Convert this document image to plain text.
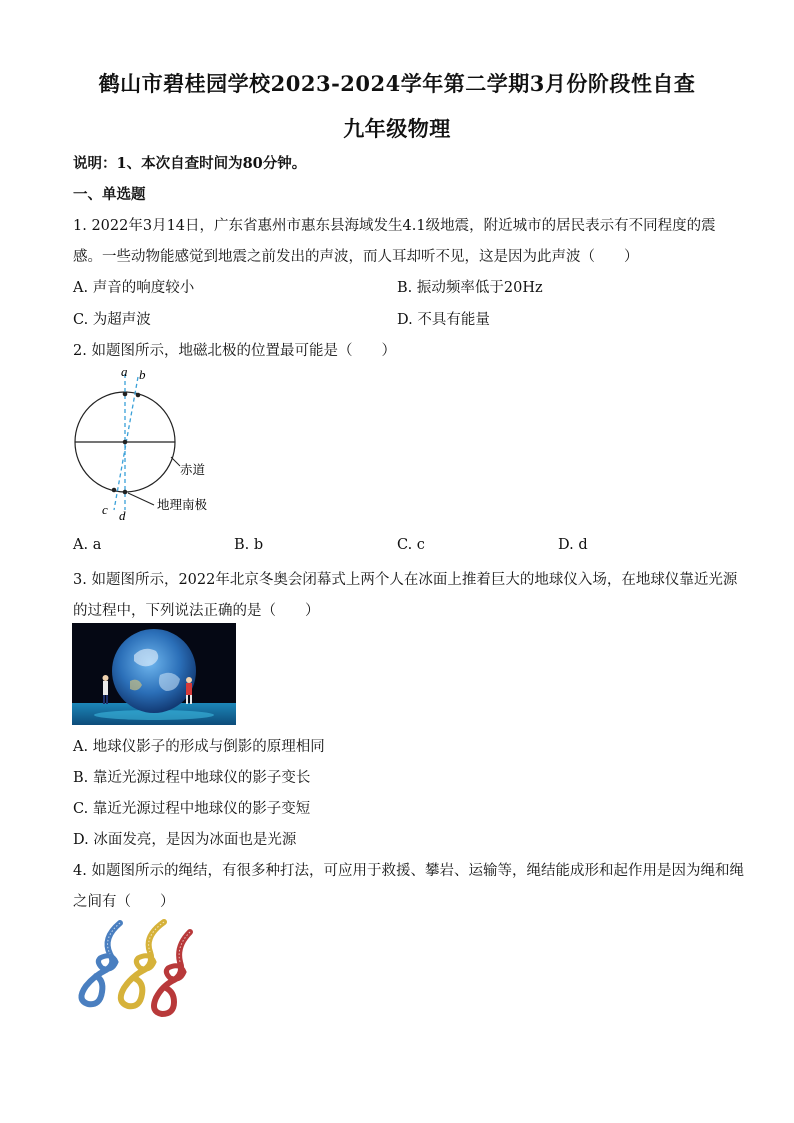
鹤山市碧桂园学校2023-2024学年第二学期3月份阶段性自查
九年级物理
说明：1、本次自查时间为80分钟。
一、单选题
1. 2022年3月14日，广东省惠州市惠东县海域发生4.1级地震，附近城市的居民表示有不同程度的震
感。一些动物能感觉到地震之前发出的声波，而人耳却听不见，这是因为此声波（　　）
A. 声音的响度较小	B. 振动频率低于20Hz
C. 为超声波	D. 不具有能量
2. 如题图所示，地磁北极的位置最可能是（　　）
a b
c d
赤道
地理南极
A. a	B. b	C. c	D. d
3. 如题图所示，2022年北京冬奥会闭幕式上两个人在冰面上推着巨大的地球仪入场，在地球仪靠近光源
的过程中，下列说法正确的是（　　）
A. 地球仪影子的形成与倒影的原理相同
B. 靠近光源过程中地球仪的影子变长
C. 靠近光源过程中地球仪的影子变短
D. 冰面发亮，是因为冰面也是光源
4. 如题图所示的绳结，有很多种打法，可应用于救援、攀岩、运输等，绳结能成形和起作用是因为绳和绳
之间有（　　）
